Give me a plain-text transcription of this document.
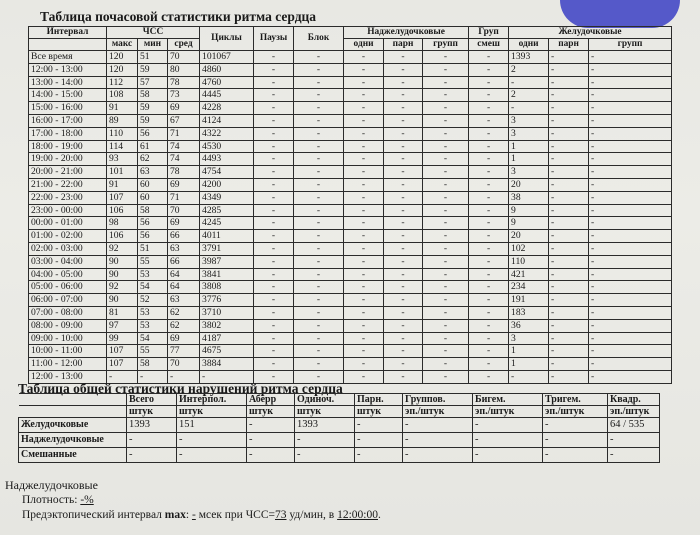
Таблица почасовой статистики ритма сердца
Интервал	ЧСС			Циклы	Паузы	Блок	Наджелудочковые			Груп	Желудочковые		
	макс	мин	сред				одни	парн	групп	смеш	одни	парн	групп
Все время	120	51	70	101067	-	-	-	-	-	-	1393	-	-
12:00 - 13:00	120	59	80	4860	-	-	-	-	-	-	2	-	-
13:00 - 14:00	112	57	78	4760	-	-	-	-	-	-	-	-	-
14:00 - 15:00	108	58	73	4445	-	-	-	-	-	-	2	-	-
15:00 - 16:00	91	59	69	4228	-	-	-	-	-	-	-	-	-
16:00 - 17:00	89	59	67	4124	-	-	-	-	-	-	3	-	-
17:00 - 18:00	110	56	71	4322	-	-	-	-	-	-	3	-	-
18:00 - 19:00	114	61	74	4530	-	-	-	-	-	-	1	-	-
19:00 - 20:00	93	62	74	4493	-	-	-	-	-	-	1	-	-
20:00 - 21:00	101	63	78	4754	-	-	-	-	-	-	3	-	-
21:00 - 22:00	91	60	69	4200	-	-	-	-	-	-	20	-	-
22:00 - 23:00	107	60	71	4349	-	-	-	-	-	-	38	-	-
23:00 - 00:00	106	58	70	4285	-	-	-	-	-	-	9	-	-
00:00 - 01:00	98	56	69	4245	-	-	-	-	-	-	9	-	-
01:00 - 02:00	106	56	66	4011	-	-	-	-	-	-	20	-	-
02:00 - 03:00	92	51	63	3791	-	-	-	-	-	-	102	-	-
03:00 - 04:00	90	55	66	3987	-	-	-	-	-	-	110	-	-
04:00 - 05:00	90	53	64	3841	-	-	-	-	-	-	421	-	-
05:00 - 06:00	92	54	64	3808	-	-	-	-	-	-	234	-	-
06:00 - 07:00	90	52	63	3776	-	-	-	-	-	-	191	-	-
07:00 - 08:00	81	53	62	3710	-	-	-	-	-	-	183	-	-
08:00 - 09:00	97	53	62	3802	-	-	-	-	-	-	36	-	-
09:00 - 10:00	99	54	69	4187	-	-	-	-	-	-	3	-	-
10:00 - 11:00	107	55	77	4675	-	-	-	-	-	-	1	-	-
11:00 - 12:00	107	58	70	3884	-	-	-	-	-	-	1	-	-
12:00 - 13:00	-	-	-	-	-	-	-	-	-	-	-	-	-
Таблица общей статистики нарушений ритма сердца
	Всего	Интерпол.	Аберр	Одиноч.	Парн.	Группов.	Бигем.	Тригем.	Квадр.
	штук	штук	штук	штук	штук	эп./штук	эп./штук	эп./штук	эп./штук
Желудочковые	1393	151	-	1393	-	-	-	-	64 / 535
Наджелудочковые	-	-	-	-	-	-	-	-	-
Смешанные	-	-	-	-	-	-	-	-	-
Наджелудочковые
Плотность: -%
Предэктопический интервал max: - мсек при ЧСС=73 уд/мин, в 12:00:00.
